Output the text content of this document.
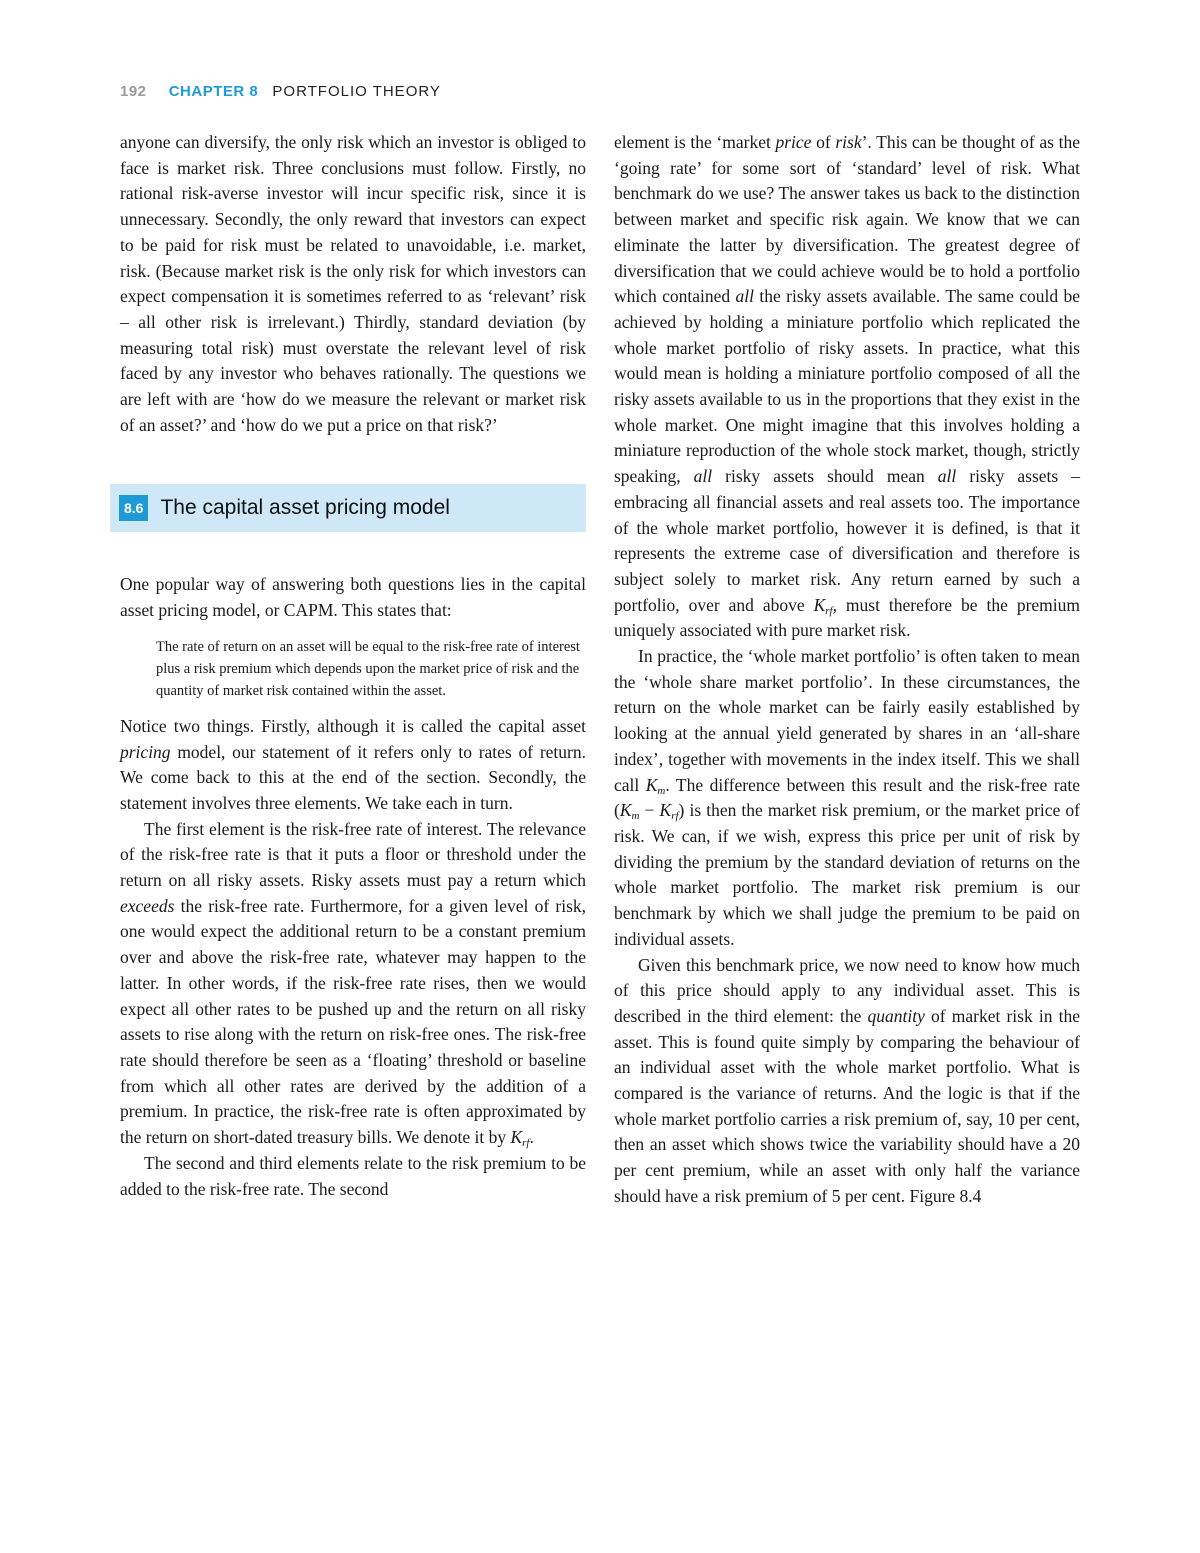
192 CHAPTER 8 PORTFOLIO THEORY

anyone can diversify, the only risk which an investor is obliged to face is market risk. Three conclusions must follow. Firstly, no rational risk-averse investor will incur specific risk, since it is unnecessary. Secondly, the only reward that investors can expect to be paid for risk must be related to unavoidable, i.e. market, risk. (Because market risk is the only risk for which investors can expect compensation it is sometimes referred to as ‘relevant’ risk – all other risk is irrelevant.) Thirdly, standard deviation (by measuring total risk) must overstate the relevant level of risk faced by any investor who behaves rationally. The questions we are left with are ‘how do we measure the relevant or market risk of an asset?’ and ‘how do we put a price on that risk?’

8.6 The capital asset pricing model

One popular way of answering both questions lies in the capital asset pricing model, or CAPM. This states that:

The rate of return on an asset will be equal to the risk-free rate of interest plus a risk premium which depends upon the market price of risk and the quantity of market risk contained within the asset.

Notice two things. Firstly, although it is called the capital asset pricing model, our statement of it refers only to rates of return. We come back to this at the end of the section. Secondly, the statement involves three elements. We take each in turn.

The first element is the risk-free rate of interest. The relevance of the risk-free rate is that it puts a floor or threshold under the return on all risky assets. Risky assets must pay a return which exceeds the risk-free rate. Furthermore, for a given level of risk, one would expect the additional return to be a constant premium over and above the risk-free rate, whatever may happen to the latter. In other words, if the risk-free rate rises, then we would expect all other rates to be pushed up and the return on all risky assets to rise along with the return on risk-free ones. The risk-free rate should therefore be seen as a ‘floating’ threshold or baseline from which all other rates are derived by the addition of a premium. In practice, the risk-free rate is often approximated by the return on short-dated treasury bills. We denote it by $K_{rf}$.

The second and third elements relate to the risk premium to be added to the risk-free rate. The second

element is the ‘market price of risk’. This can be thought of as the ‘going rate’ for some sort of ‘standard’ level of risk. What benchmark do we use? The answer takes us back to the distinction between market and specific risk again. We know that we can eliminate the latter by diversification. The greatest degree of diversification that we could achieve would be to hold a portfolio which contained all the risky assets available. The same could be achieved by holding a miniature portfolio which replicated the whole market portfolio of risky assets. In practice, what this would mean is holding a miniature portfolio composed of all the risky assets available to us in the proportions that they exist in the whole market. One might imagine that this involves holding a miniature reproduction of the whole stock market, though, strictly speaking, all risky assets should mean all risky assets – embracing all financial assets and real assets too. The importance of the whole market portfolio, however it is defined, is that it represents the extreme case of diversification and therefore is subject solely to market risk. Any return earned by such a portfolio, over and above $K_{rf}$, must therefore be the premium uniquely associated with pure market risk.

In practice, the ‘whole market portfolio’ is often taken to mean the ‘whole share market portfolio’. In these circumstances, the return on the whole market can be fairly easily established by looking at the annual yield generated by shares in an ‘all-share index’, together with movements in the index itself. This we shall call $K_m$. The difference between this result and the risk-free rate $(K_m - K_{rf})$ is then the market risk premium, or the market price of risk. We can, if we wish, express this price per unit of risk by dividing the premium by the standard deviation of returns on the whole market portfolio. The market risk premium is our benchmark by which we shall judge the premium to be paid on individual assets.

Given this benchmark price, we now need to know how much of this price should apply to any individual asset. This is described in the third element: the quantity of market risk in the asset. This is found quite simply by comparing the behaviour of an individual asset with the whole market portfolio. What is compared is the variance of returns. And the logic is that if the whole market portfolio carries a risk premium of, say, 10 per cent, then an asset which shows twice the variability should have a 20 per cent premium, while an asset with only half the variance should have a risk premium of 5 per cent. Figure 8.4
